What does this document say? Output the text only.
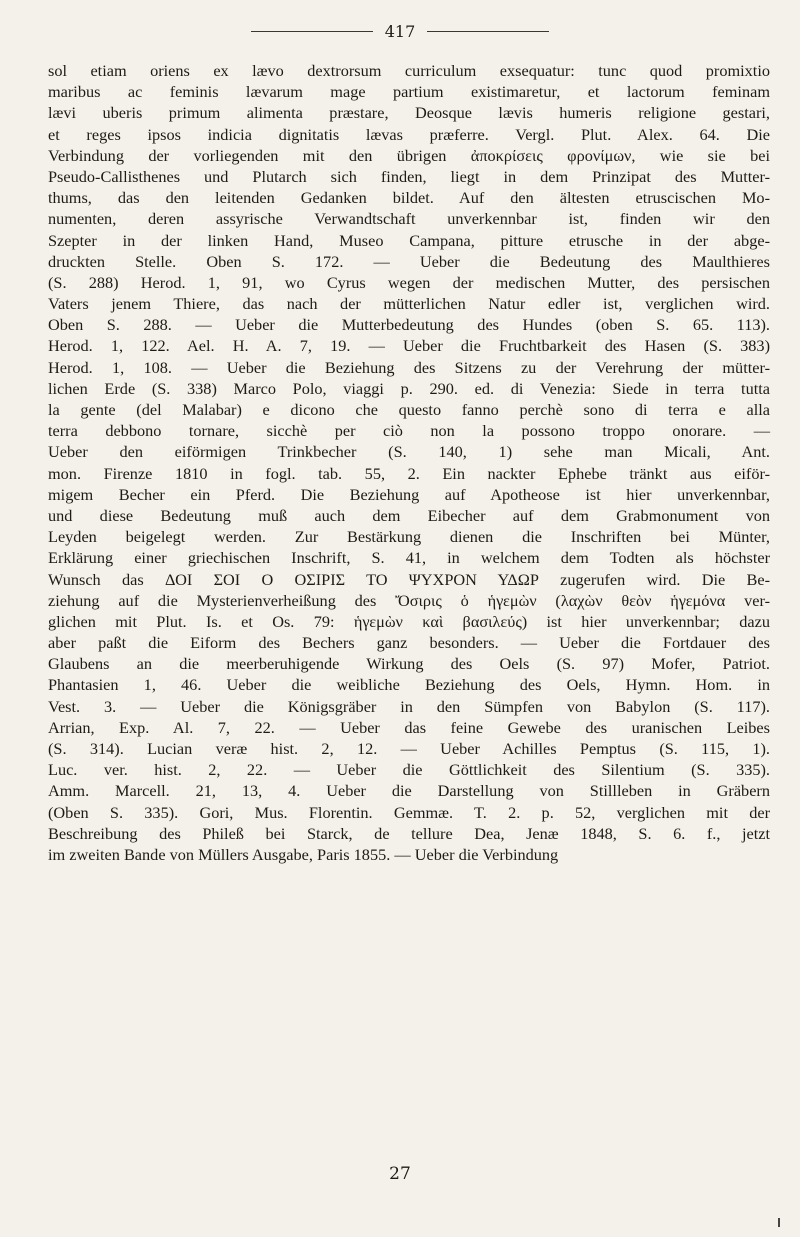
417
sol etiam oriens ex lævo dextrorsum curriculum exsequatur: tunc quod promixtio
maribus ac feminis lævarum mage partium existimaretur, et lactorum feminam
lævi uberis primum alimenta præstare, Deosque lævis humeris religione gestari,
et reges ipsos indicia dignitatis lævas præferre. Vergl. Plut. Alex. 64. Die
Verbindung der vorliegenden mit den übrigen ἀποκρίσεις φρονίμων, wie sie bei
Pseudo-Callisthenes und Plutarch sich finden, liegt in dem Prinzipat des Mutter-
thums, das den leitenden Gedanken bildet. Auf den ältesten etruscischen Mo-
numenten, deren assyrische Verwandtschaft unverkennbar ist, finden wir den
Szepter in der linken Hand, Museo Campana, pitture etrusche in der abge-
druckten Stelle. Oben S. 172. — Ueber die Bedeutung des Maulthieres
(S. 288) Herod. 1, 91, wo Cyrus wegen der medischen Mutter, des persischen
Vaters jenem Thiere, das nach der mütterlichen Natur edler ist, verglichen wird.
Oben S. 288. — Ueber die Mutterbedeutung des Hundes (oben S. 65. 113).
Herod. 1, 122. Ael. H. A. 7, 19. — Ueber die Fruchtbarkeit des Hasen (S. 383)
Herod. 1, 108. — Ueber die Beziehung des Sitzens zu der Verehrung der mütter-
lichen Erde (S. 338) Marco Polo, viaggi p. 290. ed. di Venezia: Siede in terra tutta
la gente (del Malabar) e dicono che questo fanno perchè sono di terra e alla
terra debbono tornare, sicchè per ciò non la possono troppo onorare. —
Ueber den eiförmigen Trinkbecher (S. 140, 1) sehe man Micali, Ant.
mon. Firenze 1810 in fogl. tab. 55, 2. Ein nackter Ephebe tränkt aus eiför-
migem Becher ein Pferd. Die Beziehung auf Apotheose ist hier unverkennbar,
und diese Bedeutung muß auch dem Eibecher auf dem Grabmonument von
Leyden beigelegt werden. Zur Bestärkung dienen die Inschriften bei Münter,
Erklärung einer griechischen Inschrift, S. 41, in welchem dem Todten als höchster
Wunsch das ΔΟΙ ΣΟΙ Ο ΟΣΙΡΙΣ ΤΟ ΨΥΧΡΟΝ ΥΔΩΡ zugerufen wird. Die Be-
ziehung auf die Mysterienverheißung des Ὄσιρις ὁ ἡγεμὼν (λαχὼν θεὸν ἡγεμόνα ver-
glichen mit Plut. Is. et Os. 79: ἡγεμὼν καὶ βασιλεύς) ist hier unverkennbar; dazu
aber paßt die Eiform des Bechers ganz besonders. — Ueber die Fortdauer des
Glaubens an die meerberuhigende Wirkung des Oels (S. 97) Mofer, Patriot.
Phantasien 1, 46. Ueber die weibliche Beziehung des Oels, Hymn. Hom. in
Vest. 3. — Ueber die Königsgräber in den Sümpfen von Babylon (S. 117).
Arrian, Exp. Al. 7, 22. — Ueber das feine Gewebe des uranischen Leibes
(S. 314). Lucian veræ hist. 2, 12. — Ueber Achilles Pemptus (S. 115, 1).
Luc. ver. hist. 2, 22. — Ueber die Göttlichkeit des Silentium (S. 335).
Amm. Marcell. 21, 13, 4. Ueber die Darstellung von Stillleben in Gräbern
(Oben S. 335). Gori, Mus. Florentin. Gemmæ. T. 2. p. 52, verglichen mit der
Beschreibung des Phileß bei Starck, de tellure Dea, Jenæ 1848, S. 6. f., jetzt
im zweiten Bande von Müllers Ausgabe, Paris 1855. — Ueber die Verbindung
27
